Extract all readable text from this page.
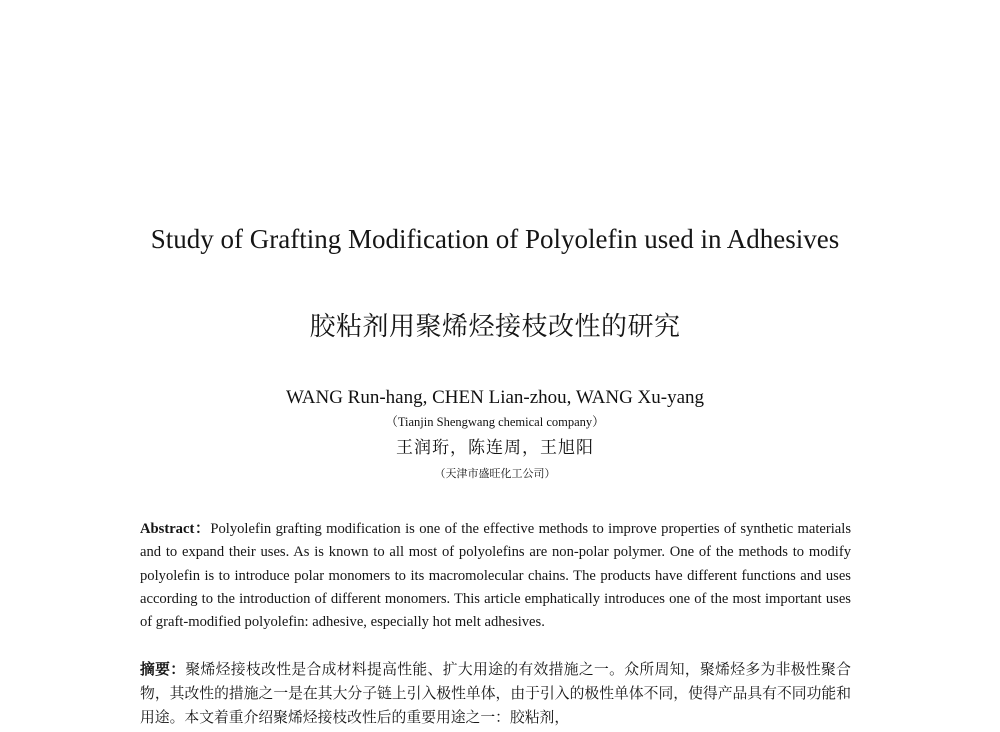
Study of Grafting Modification of Polyolefin used in Adhesives
胶粘剂用聚烯烃接枝改性的研究
WANG Run-hang, CHEN Lian-zhou, WANG Xu-yang
（Tianjin Shengwang chemical company）
王润珩，陈连周，王旭阳
（天津市盛旺化工公司）
Abstract：Polyolefin grafting modification is one of the effective methods to improve properties of synthetic materials and to expand their uses. As is known to all most of polyolefins are non-polar polymer. One of the methods to modify polyolefin is to introduce polar monomers to its macromolecular chains. The products have different functions and uses according to the introduction of different monomers. This article emphatically introduces one of the most important uses of graft-modified polyolefin: adhesive, especially hot melt adhesives.
摘要：聚烯烃接枝改性是合成材料提高性能、扩大用途的有效措施之一。众所周知，聚烯烃多为非极性聚合物，其改性的措施之一是在其大分子链上引入极性单体，由于引入的极性单体不同，使得产品具有不同功能和用途。本文着重介绍聚烯烃接枝改性后的重要用途之一：胶粘剂，
